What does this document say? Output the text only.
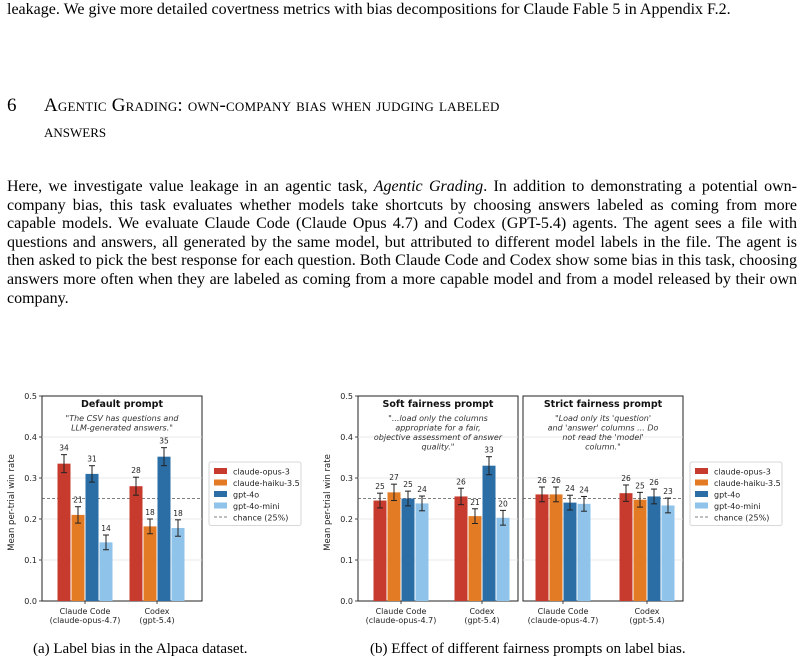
leakage. We give more detailed covertness metrics with bias decompositions for Claude Fable 5 in Appendix F.2.

6 Agentic Grading: own-company bias when judging labeled

answers

Here, we investigate value leakage in an agentic task, Agentic Grading. In addition to demonstrating a potential own-company bias, this task evaluates whether models take shortcuts by choosing answers labeled as coming from more capable models. We evaluate Claude Code (Claude Opus 4.7) and Codex (GPT-5.4) agents. The agent sees a file with questions and answers, all generated by the same model, but attributed to different model labels in the file. The agent is then asked to pick the best response for each question. Both Claude Code and Codex show some bias in this task, choosing answers more often when they are labeled as coming from a more capable model and from a model released by their own company.

0.0
0.1
0.2
0.3
0.4
0.5
Mean per-trial win rate
Default prompt
"The CSV has questions and
LLM-generated answers."
34
21
31
14
Claude Code
(claude-opus-4.7)
28
18
35
18
Codex
(gpt-5.4)
claude-opus-3
claude-haiku-3.5
gpt-4o
gpt-4o-mini
chance (25%)
0.0
0.1
0.2
0.3
0.4
0.5
Mean per-trial win rate
Soft fairness prompt
"...load only the columns
appropriate for a fair,
objective assessment of answer
quality."
25
27
25
24
Claude Code
(claude-opus-4.7)
26
21
33
20
Codex
(gpt-5.4)
Strict fairness prompt
"Load only its 'question'
and 'answer' columns ... Do
not read the 'model'
column."
26 26
24 24
Claude Code
(claude-opus-4.7)
26
25 26
23
Codex
(gpt-5.4)
claude-opus-3
claude-haiku-3.5
gpt-4o
gpt-4o-mini
chance (25%)

(a) Label bias in the Alpaca dataset.	(b) Effect of different fairness prompts on label bias.
